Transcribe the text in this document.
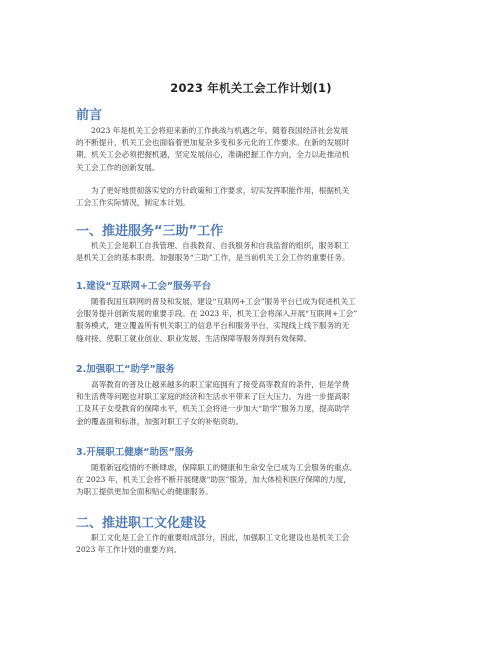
2023 年机关工会工作计划(1)
前言
2023 年是机关工会将迎来新的工作挑战与机遇之年。随着我国经济社会发展
的不断提升，机关工会也面临着更加复杂多变和多元化的工作要求。在新的发展时
期，机关工会必须把握机遇，坚定发展信心，准确把握工作方向，全力以赴推动机
关工会工作的创新发展。
为了更好地贯彻落实党的方针政策和工作要求，切实发挥职能作用，根据机关
工会工作实际情况，制定本计划。
一、推进服务“三助”工作
机关工会是职工自我管理、自我教育、自我服务和自我监督的组织，服务职工
是机关工会的基本职责。加强服务“三助”工作，是当前机关工会工作的重要任务。
1.建设“互联网+工会”服务平台
随着我国互联网的普及和发展，建设“互联网+工会”服务平台已成为促进机关工
会服务提升创新发展的重要手段。在 2023 年，机关工会将深入开展“互联网+工会”
服务模式，建立覆盖所有机关职工的信息平台和服务平台，实现线上线下服务的无
缝对接，使职工就业创业、职业发展、生活保障等服务得到有效保障。
2.加强职工“助学”服务
高等教育的普及让越来越多的职工家庭拥有了接受高等教育的条件，但是学费
和生活费等问题也对职工家庭的经济和生活水平带来了巨大压力。为进一步提高职
工及其子女受教育的保障水平，机关工会将进一步加大“助学”服务力度，提高助学
金的覆盖面和标准，加强对职工子女的补贴资助。
3.开展职工健康“助医”服务
随着新冠疫情的不断肆虐，保障职工的健康和生命安全已成为工会服务的重点。
在 2023 年，机关工会将不断开展健康“助医”服务，加大体检和医疗保障的力度，
为职工提供更加全面和贴心的健康服务。
二、推进职工文化建设
职工文化是工会工作的重要组成部分，因此，加强职工文化建设也是机关工会
2023 年工作计划的重要方向。
